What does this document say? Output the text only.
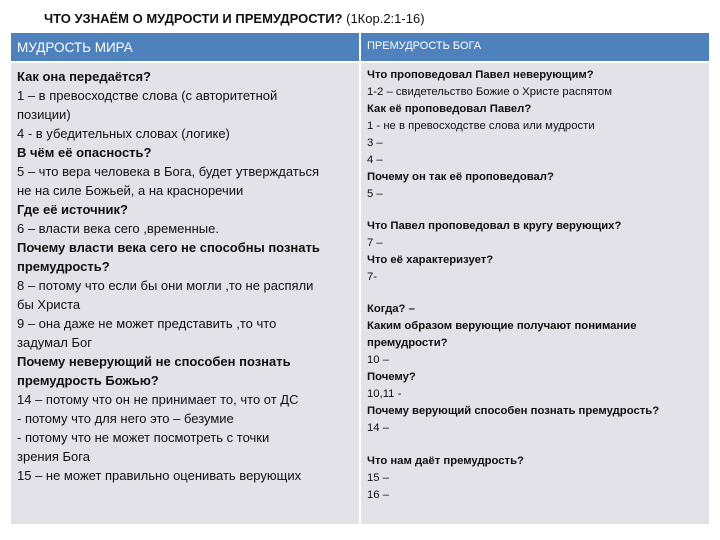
ЧТО УЗНАЁМ О МУДРОСТИ И ПРЕМУДРОСТИ? (1Кор.2:1-16)
МУДРОСТЬ МИРА	ПРЕМУДРОСТЬ БОГА
Как она передаётся?
1 – в превосходстве слова (с авторитетной
позиции)
4 - в убедительных словах (логике)
В чём её опасность?
5 – что вера человека в Бога, будет утверждаться
не на силе Божьей, а на красноречии
Где её источник?
6 – власти века сего ,временные.
Почему власти века сего не способны познать
премудрость?
8 – потому что если бы они могли ,то не распяли
бы Христа
9 – она даже не может представить ,то что
задумал Бог
Почему неверующий не способен познать
премудрость Божью?
14 – потому что он не принимает то, что от ДС
- потому что для него это – безумие
- потому что не может посмотреть с точки
зрения Бога
15 – не может правильно оценивать верующих
Что проповедовал Павел неверующим?
1-2 – свидетельство Божие о Христе распятом
Как её проповедовал Павел?
1 - не в превосходстве слова или мудрости
3 –
4 –
Почему он так её проповедовал?
5 –
Что Павел проповедовал в кругу верующих?
7 –
Что её характеризует?
7-
Когда? –
Каким образом верующие получают понимание
премудрости?
10 –
Почему?
10,11 -
Почему верующий способен познать премудрость?
14 –
Что нам даёт премудрость?
15 –
16 –
